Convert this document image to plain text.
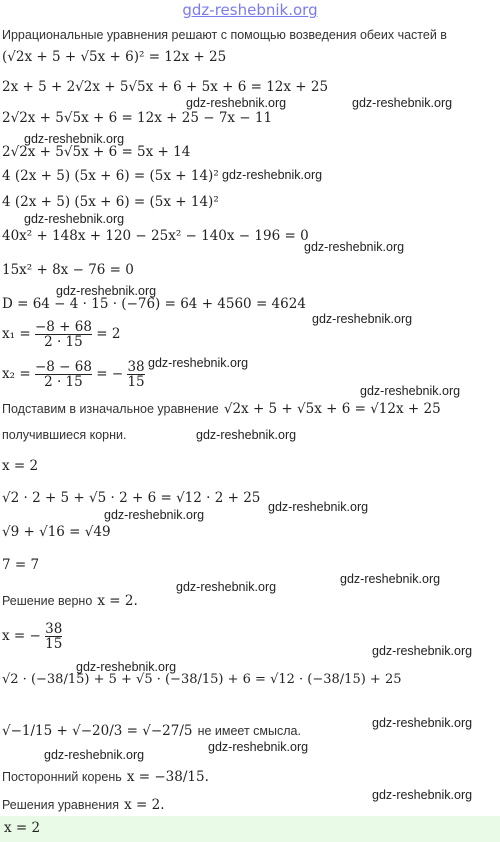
gdz-reshebnik.org
Иррациональные уравнения решают с помощью возведения обеих частей в
(√2x + 5 + √5x + 6)² = 12x + 25
2x + 5 + 2√2x + 5√5x + 6 + 5x + 6 = 12x + 25
2√2x + 5√5x + 6 = 12x + 25 − 7x − 11
2√2x + 5√5x + 6 = 5x + 14
4 (2x + 5) (5x + 6) = (5x + 14)²
4 (2x + 5) (5x + 6) = (5x + 14)²
40x² + 148x + 120 − 25x² − 140x − 196 = 0
15x² + 8x − 76 = 0
D = 64 − 4 · 15 · (−76) = 64 + 4560 = 4624
$x_1 = \frac{-8 + 68}{2 \cdot 15} = 2$
$x_2 = \frac{-8 - 68}{2 \cdot 15}$ = − $\frac{38}{15}$
Подставим в изначальное уравнение √2x + 5 + √5x + 6 = √12x + 25
получившиеся корни.
x = 2
√2 · 2 + 5 + √5 · 2 + 6 = √12 · 2 + 25
√9 + √16 = √49
7 = 7
Решение верно x = 2.
x = − $\frac{38}{15}$
√2 · (−38/15) + 5 + √5 · (−38/15) + 6 = √12 · (−38/15) + 25
√−1/15 + √−20/3 = √−27/5 не имеет смысла.
Посторонний корень x = −38/15.
Решения уравнения x = 2.
x = 2
gdz-reshebnik.org	gdz-reshebnik.org
gdz-reshebnik.org
gdz-reshebnik.org
gdz-reshebnik.org
gdz-reshebnik.org
gdz-reshebnik.org
gdz-reshebnik.org
gdz-reshebnik.org
gdz-reshebnik.org
gdz-reshebnik.org
gdz-reshebnik.org
gdz-reshebnik.org
gdz-reshebnik.org
gdz-reshebnik.org
gdz-reshebnik.org
gdz-reshebnik.org
gdz-reshebnik.org
gdz-reshebnik.org
gdz-reshebnik.org
gdz-reshebnik.org
